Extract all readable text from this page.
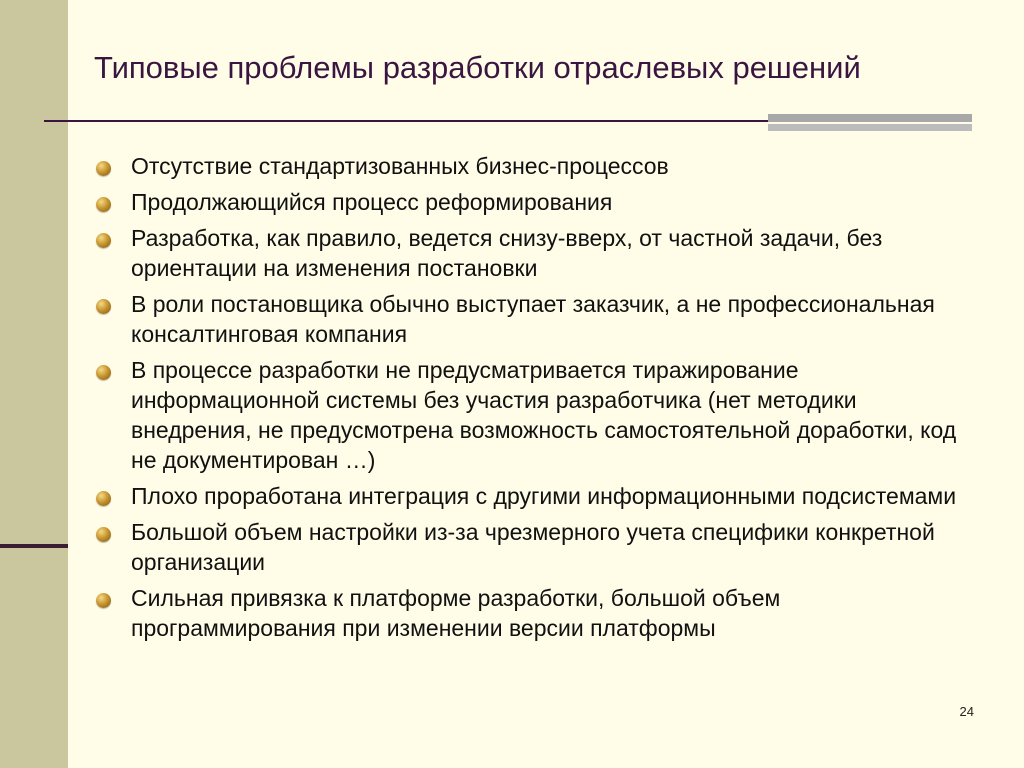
Типовые проблемы разработки отраслевых решений
Отсутствие стандартизованных бизнес-процессов
Продолжающийся процесс реформирования
Разработка, как правило, ведется снизу-вверх, от частной задачи, без ориентации на изменения постановки
В роли постановщика обычно выступает заказчик, а не профессиональная консалтинговая компания
В процессе разработки не предусматривается тиражирование информационной системы без участия разработчика (нет методики внедрения, не предусмотрена возможность самостоятельной доработки, код не документирован …)
Плохо проработана интеграция с другими информационными подсистемами
Большой объем настройки из-за чрезмерного учета специфики конкретной организации
Сильная привязка к платформе разработки, большой объем программирования при изменении версии платформы
24
